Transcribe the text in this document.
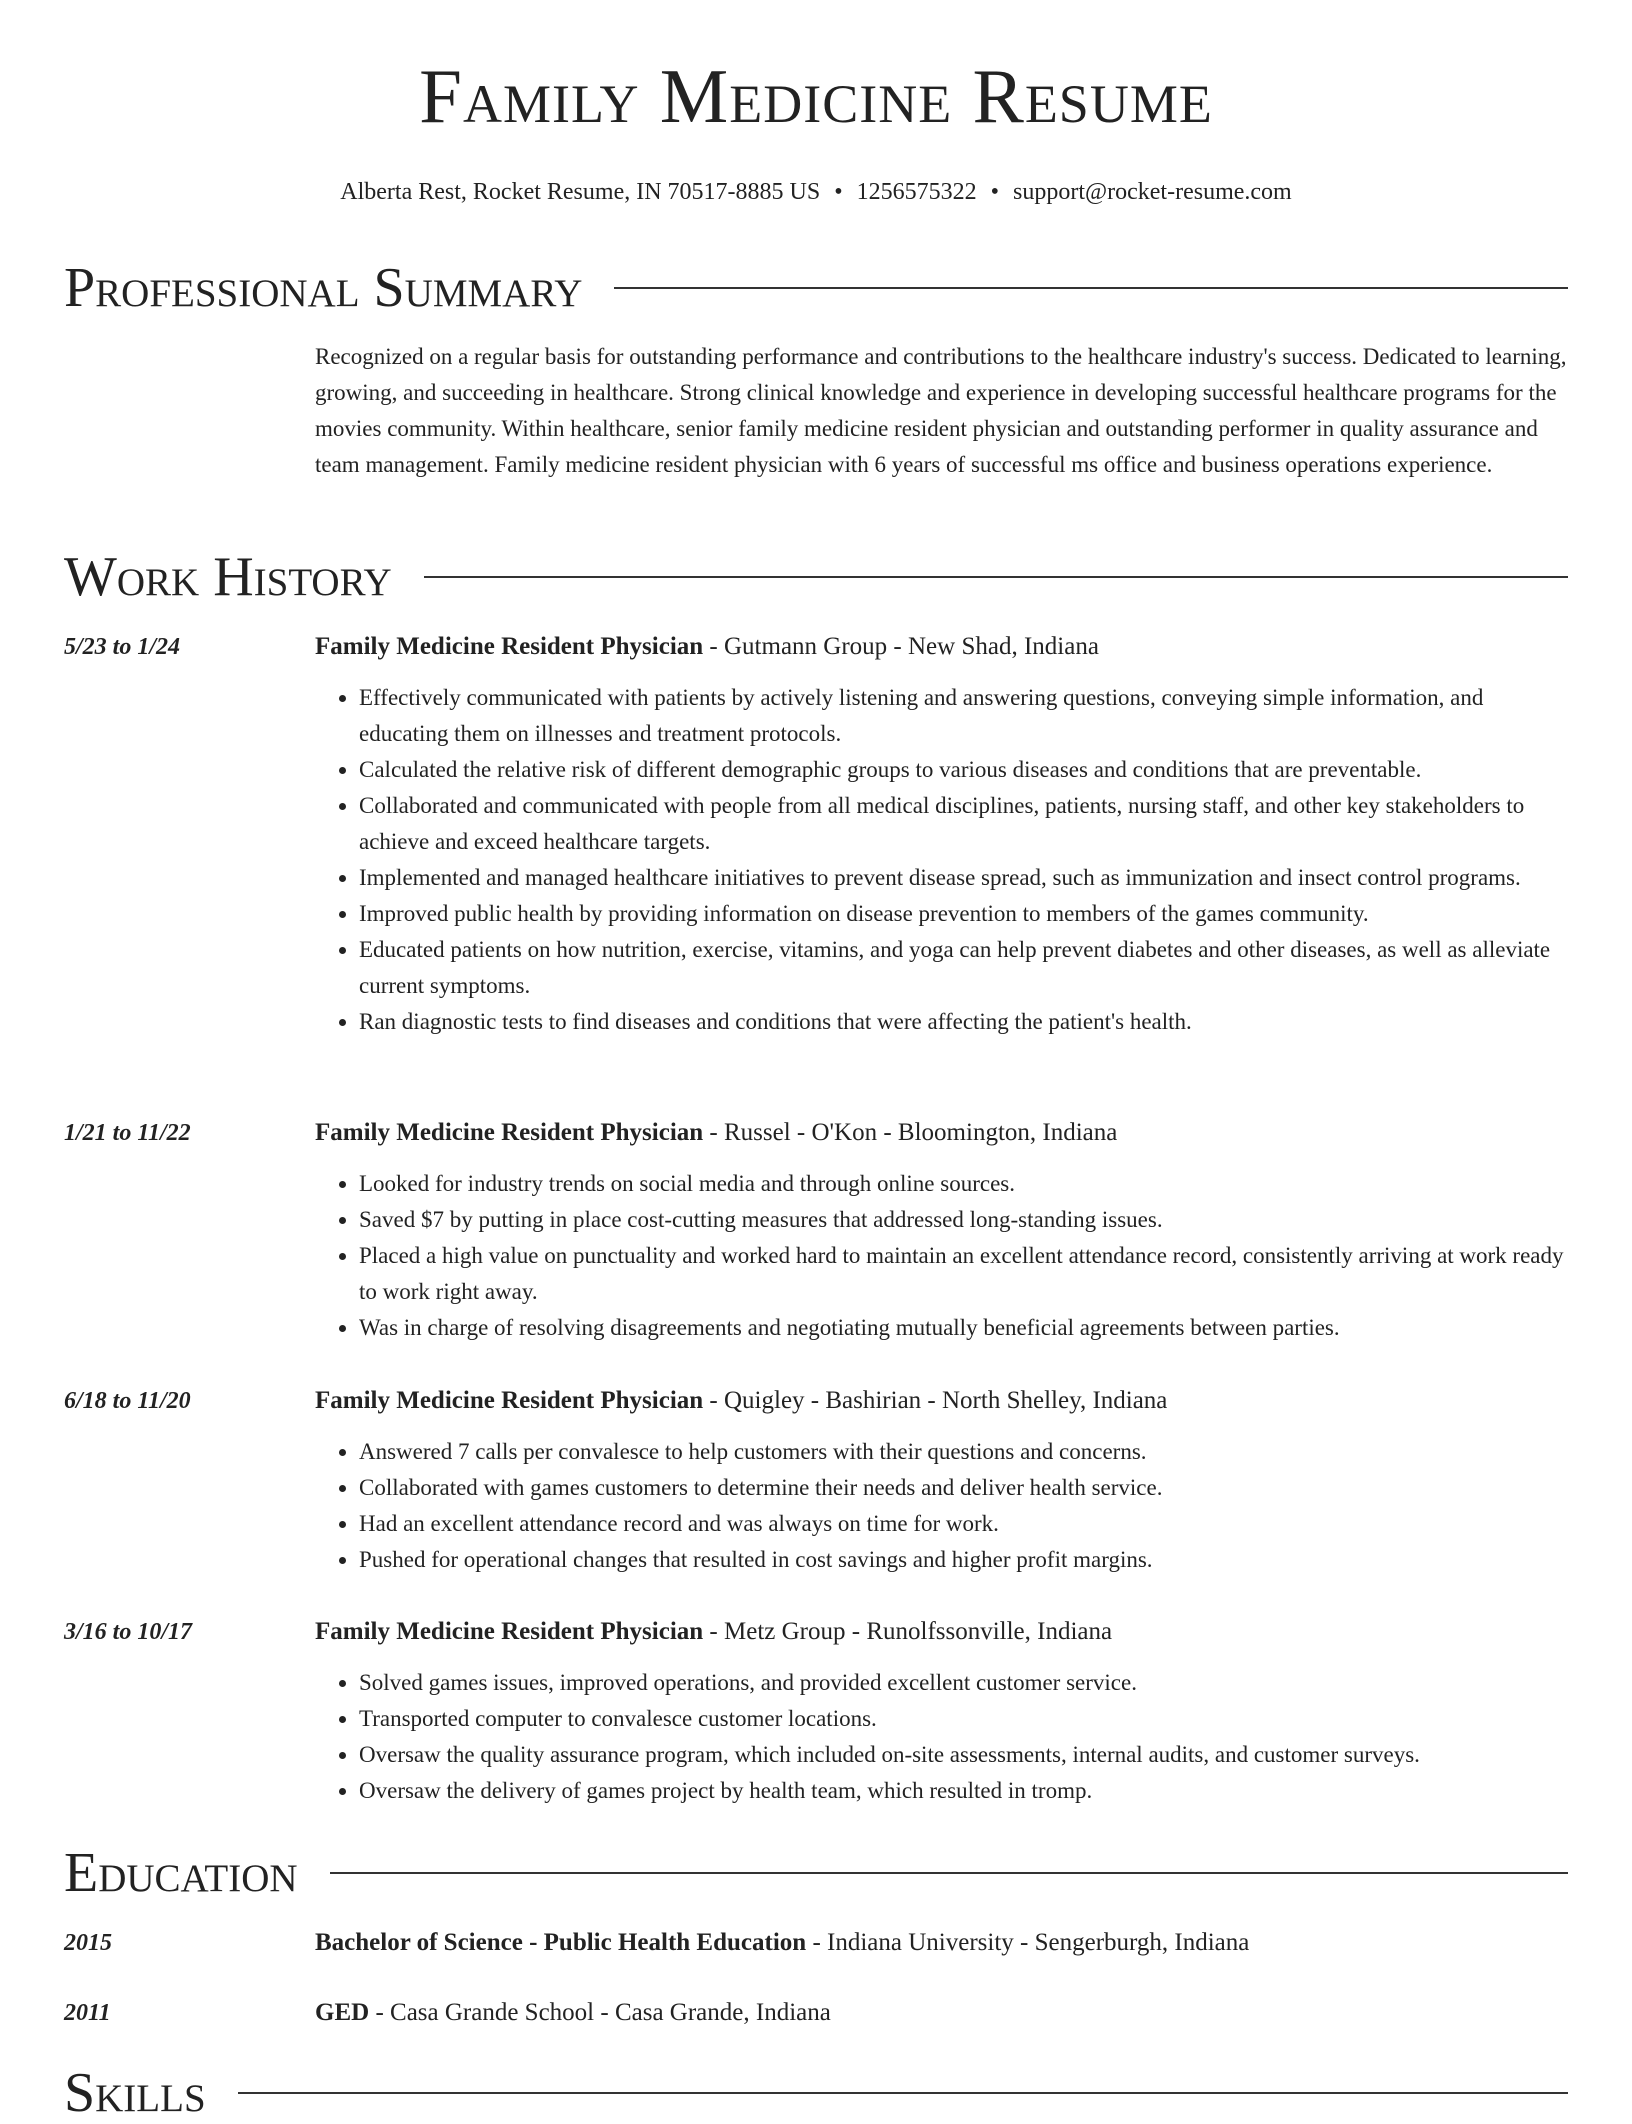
Family Medicine Resume
Alberta Rest, Rocket Resume, IN 70517-8885 US • 1256575322 • support@rocket-resume.com
Professional Summary

Recognized on a regular basis for outstanding performance and contributions to the healthcare industry's success. Dedicated to learning, growing, and succeeding in healthcare. Strong clinical knowledge and experience in developing successful healthcare programs for the movies community. Within healthcare, senior family medicine resident physician and outstanding performer in quality assurance and team management. Family medicine resident physician with 6 years of successful ms office and business operations experience.

Work History
5/23 to 1/24	Family Medicine Resident Physician - Gutmann Group - New Shad, Indiana
• Effectively communicated with patients by actively listening and answering questions, conveying simple information, and educating them on illnesses and treatment protocols.
• Calculated the relative risk of different demographic groups to various diseases and conditions that are preventable.
• Collaborated and communicated with people from all medical disciplines, patients, nursing staff, and other key stakeholders to achieve and exceed healthcare targets.
• Implemented and managed healthcare initiatives to prevent disease spread, such as immunization and insect control programs.
• Improved public health by providing information on disease prevention to members of the games community.
• Educated patients on how nutrition, exercise, vitamins, and yoga can help prevent diabetes and other diseases, as well as alleviate current symptoms.
• Ran diagnostic tests to find diseases and conditions that were affecting the patient's health.
1/21 to 11/22	Family Medicine Resident Physician - Russel - O'Kon - Bloomington, Indiana
• Looked for industry trends on social media and through online sources.
• Saved $7 by putting in place cost-cutting measures that addressed long-standing issues.
• Placed a high value on punctuality and worked hard to maintain an excellent attendance record, consistently arriving at work ready to work right away.
• Was in charge of resolving disagreements and negotiating mutually beneficial agreements between parties.
6/18 to 11/20	Family Medicine Resident Physician - Quigley - Bashirian - North Shelley, Indiana
• Answered 7 calls per convalesce to help customers with their questions and concerns.
• Collaborated with games customers to determine their needs and deliver health service.
• Had an excellent attendance record and was always on time for work.
• Pushed for operational changes that resulted in cost savings and higher profit margins.
3/16 to 10/17	Family Medicine Resident Physician - Metz Group - Runolfssonville, Indiana
• Solved games issues, improved operations, and provided excellent customer service.
• Transported computer to convalesce customer locations.
• Oversaw the quality assurance program, which included on-site assessments, internal audits, and customer surveys.
• Oversaw the delivery of games project by health team, which resulted in tromp.
Education
2015	Bachelor of Science - Public Health Education - Indiana University - Sengerburgh, Indiana
2011	GED - Casa Grande School - Casa Grande, Indiana
Skills
